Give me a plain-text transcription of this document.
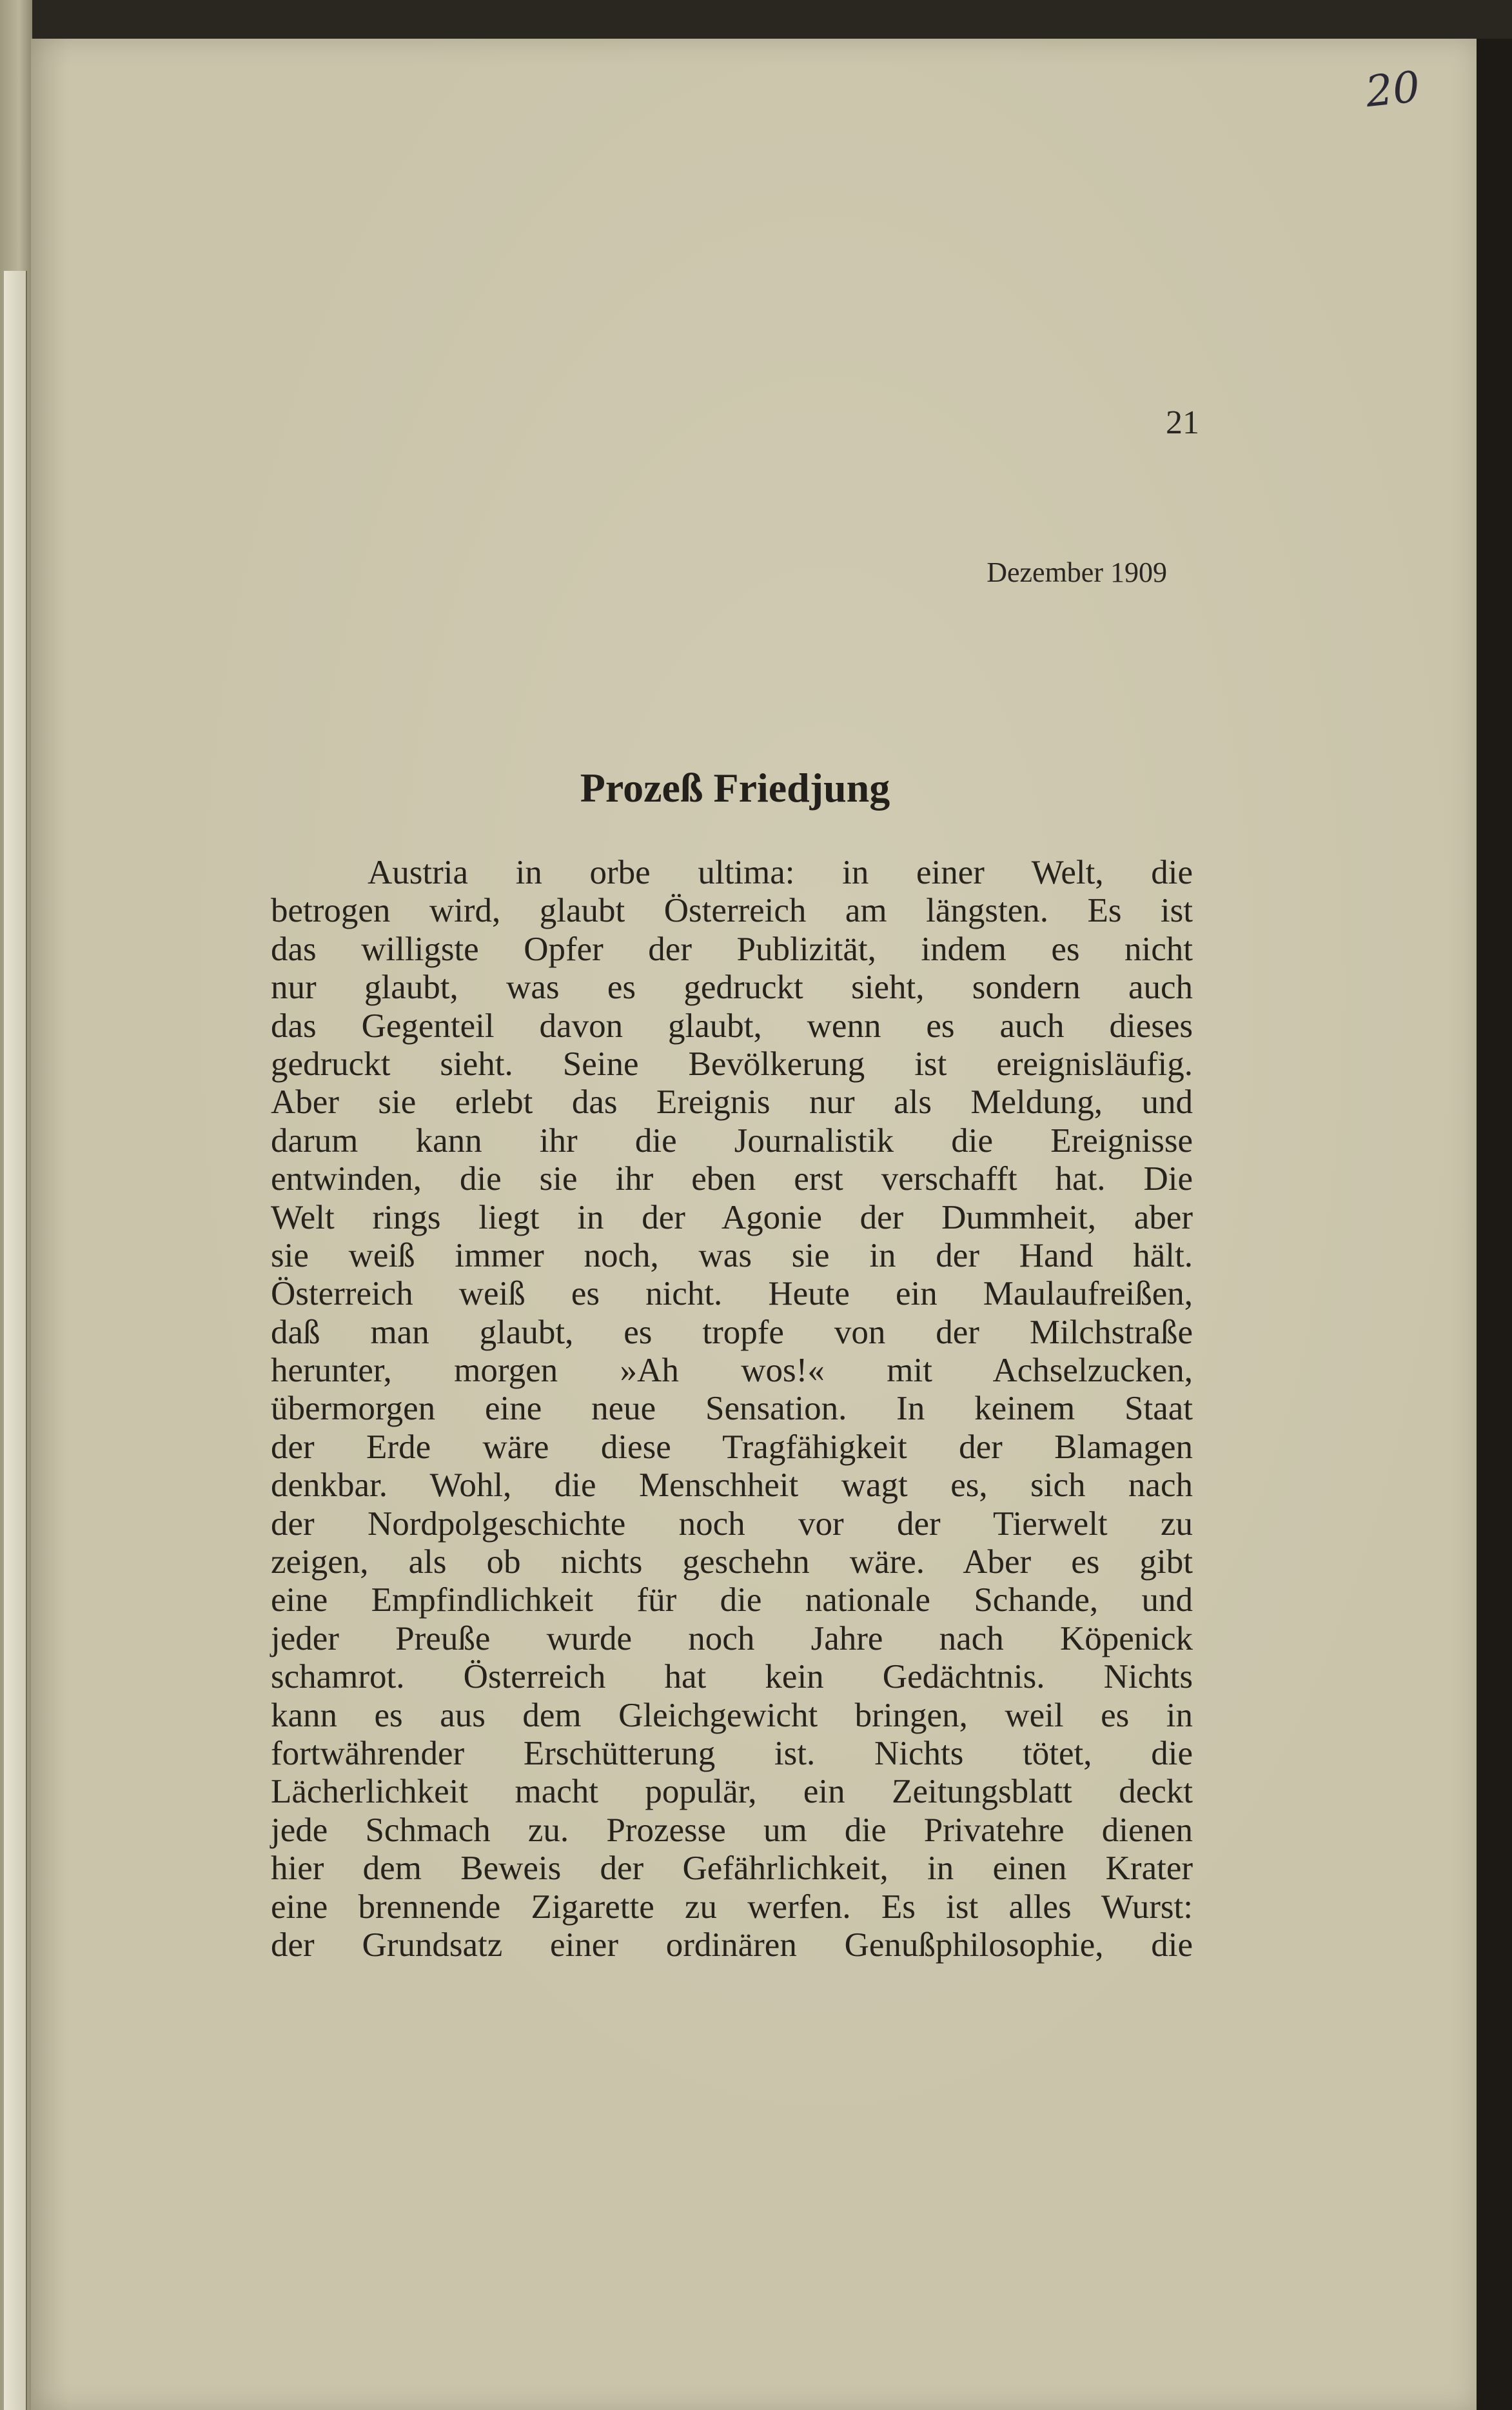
20
21
Dezember 1909
Prozeß Friedjung
Austria in orbe ultima: in einer Welt, die
betrogen wird, glaubt Österreich am längsten. Es ist
das willigste Opfer der Publizität, indem es nicht
nur glaubt, was es gedruckt sieht, sondern auch
das Gegenteil davon glaubt, wenn es auch dieses
gedruckt sieht. Seine Bevölkerung ist ereignisläufig.
Aber sie erlebt das Ereignis nur als Meldung, und
darum kann ihr die Journalistik die Ereignisse
entwinden, die sie ihr eben erst verschafft hat. Die
Welt rings liegt in der Agonie der Dummheit, aber
sie weiß immer noch, was sie in der Hand hält.
Österreich weiß es nicht. Heute ein Maulaufreißen,
daß man glaubt, es tropfe von der Milchstraße
herunter, morgen »Ah wos!« mit Achselzucken,
übermorgen eine neue Sensation. In keinem Staat
der Erde wäre diese Tragfähigkeit der Blamagen
denkbar. Wohl, die Menschheit wagt es, sich nach
der Nordpolgeschichte noch vor der Tierwelt zu
zeigen, als ob nichts geschehn wäre. Aber es gibt
eine Empfindlichkeit für die nationale Schande, und
jeder Preuße wurde noch Jahre nach Köpenick
schamrot. Österreich hat kein Gedächtnis. Nichts
kann es aus dem Gleichgewicht bringen, weil es in
fortwährender Erschütterung ist. Nichts tötet, die
Lächerlichkeit macht populär, ein Zeitungsblatt deckt
jede Schmach zu. Prozesse um die Privatehre dienen
hier dem Beweis der Gefährlichkeit, in einen Krater
eine brennende Zigarette zu werfen. Es ist alles Wurst:
der Grundsatz einer ordinären Genußphilosophie, die
